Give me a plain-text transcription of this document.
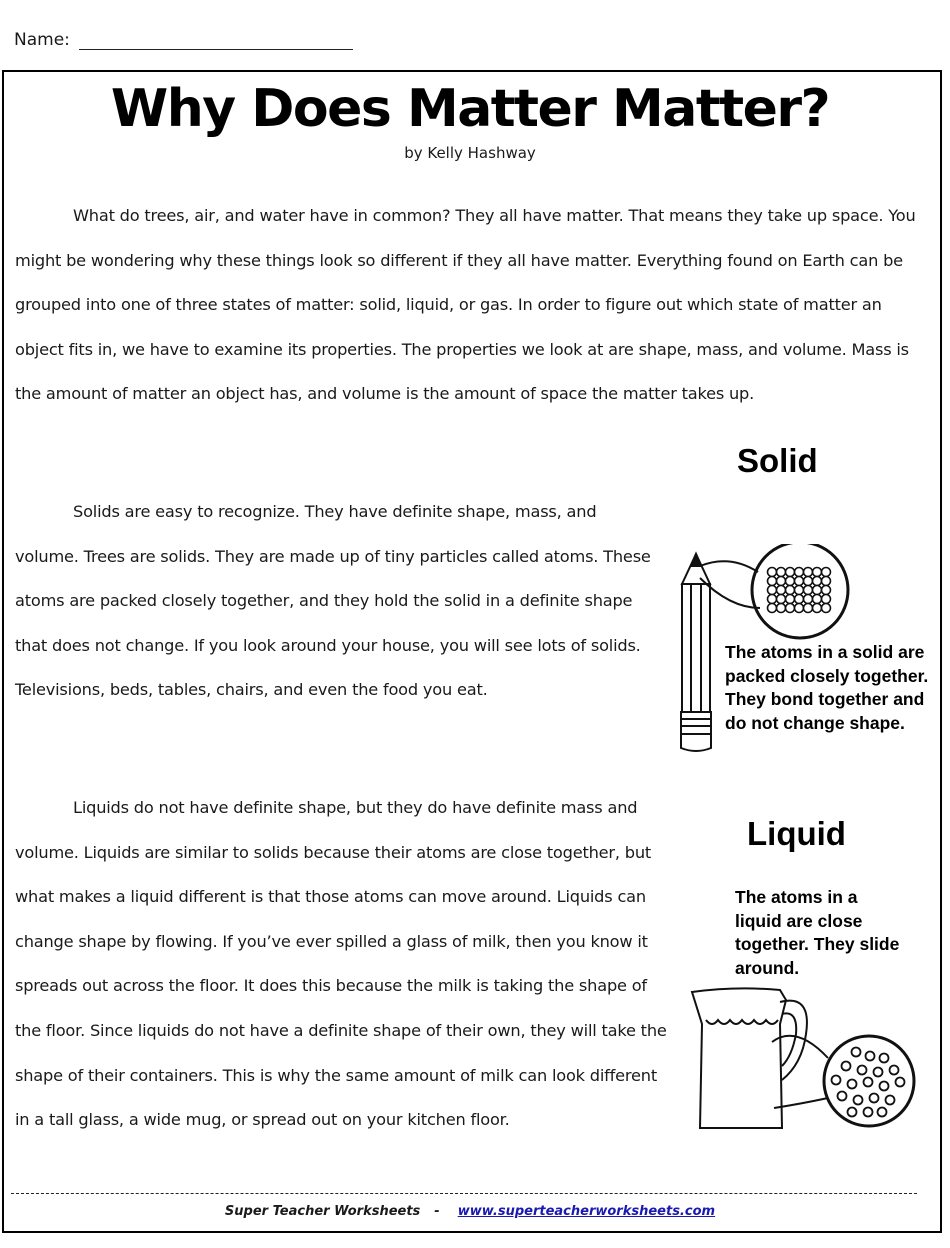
Name:
Why Does Matter Matter?
by Kelly Hashway

What do trees, air, and water have in common? They all have matter. That means they take up space. You might be wondering why these things look so different if they all have matter. Everything found on Earth can be grouped into one of three states of matter: solid, liquid, or gas. In order to figure out which state of matter an object fits in, we have to examine its properties. The properties we look at are shape, mass, and volume. Mass is the amount of matter an object has, and volume is the amount of space the matter takes up.

Solids are easy to recognize. They have definite shape, mass, and volume. Trees are solids. They are made up of tiny particles called atoms. These atoms are packed closely together, and they hold the solid in a definite shape that does not change. If you look around your house, you will see lots of solids. Televisions, beds, tables, chairs, and even the food you eat.

Liquids do not have definite shape, but they do have definite mass and volume. Liquids are similar to solids because their atoms are close together, but what makes a liquid different is that those atoms can move around. Liquids can change shape by flowing. If you’ve ever spilled a glass of milk, then you know it spreads out across the floor. It does this because the milk is taking the shape of the floor. Since liquids do not have a definite shape of their own, they will take the shape of their containers. This is why the same amount of milk can look different in a tall glass, a wide mug, or spread out on your kitchen floor.

Solid

The atoms in a solid are packed closely together. They bond together and do not change shape.

Liquid

The atoms in a liquid are close together. They slide around.

Super Teacher Worksheets - www.superteacherworksheets.com
